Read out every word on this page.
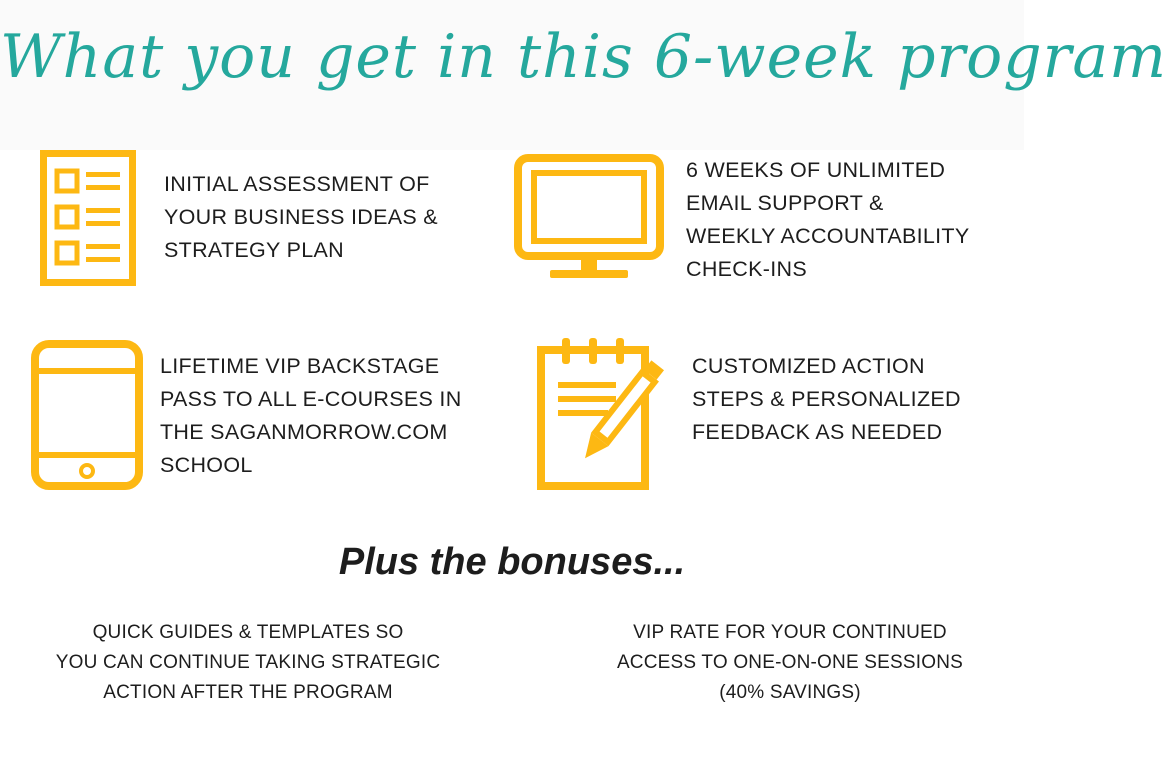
What you get in this 6-week program
INITIAL ASSESSMENT OF
YOUR BUSINESS IDEAS &
STRATEGY PLAN
6 WEEKS OF UNLIMITED
EMAIL SUPPORT &
WEEKLY ACCOUNTABILITY
CHECK-INS
LIFETIME VIP BACKSTAGE
PASS TO ALL E-COURSES IN
THE SAGANMORROW.COM
SCHOOL
CUSTOMIZED ACTION
STEPS & PERSONALIZED
FEEDBACK AS NEEDED
Plus the bonuses...
QUICK GUIDES & TEMPLATES SO
YOU CAN CONTINUE TAKING STRATEGIC
ACTION AFTER THE PROGRAM
VIP RATE FOR YOUR CONTINUED
ACCESS TO ONE-ON-ONE SESSIONS
(40% SAVINGS)
